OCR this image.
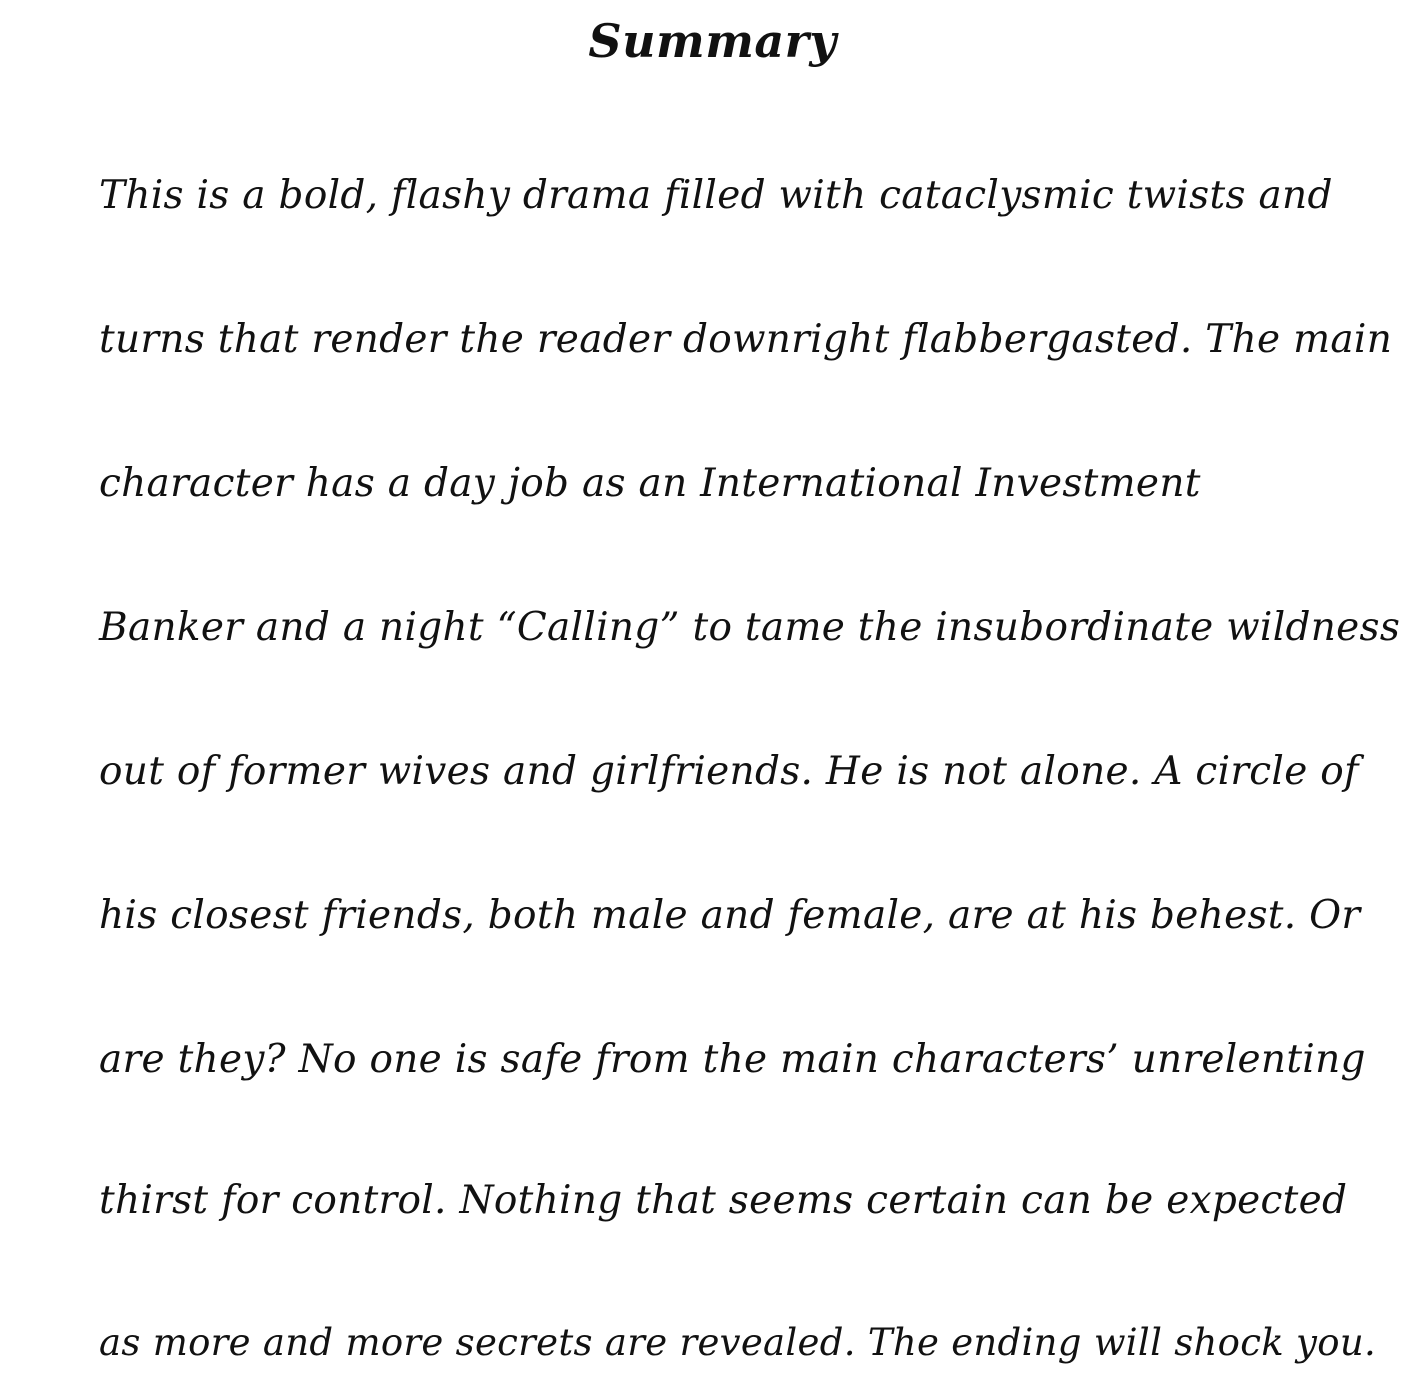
Summary
This is a bold, flashy drama filled with cataclysmic twists and
turns that render the reader downright flabbergasted. The main
character has a day job as an International Investment
Banker and a night “Calling” to tame the insubordinate wildness
out of former wives and girlfriends. He is not alone. A circle of
his closest friends, both male and female, are at his behest. Or
are they? No one is safe from the main characters’ unrelenting
thirst for control. Nothing that seems certain can be expected
as more and more secrets are revealed. The ending will shock you.
